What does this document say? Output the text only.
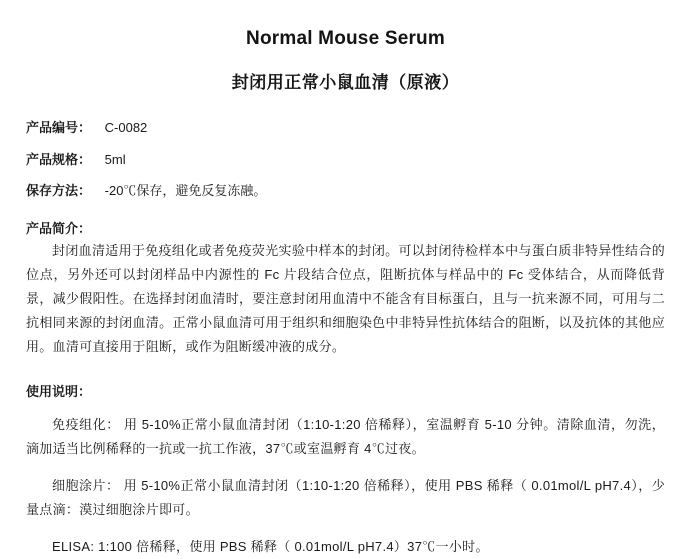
Normal Mouse Serum
封闭用正常小鼠血清（原液）
产品编号： C-0082
产品规格： 5ml
保存方法： -20℃保存，避免反复冻融。
产品简介：

封闭血清适用于免疫组化或者免疫荧光实验中样本的封闭。可以封闭待检样本中与蛋白质非特异性结合的位点，另外还可以封闭样品中内源性的 Fc 片段结合位点，阻断抗体与样品中的 Fc 受体结合，从而降低背景，减少假阳性。在选择封闭血清时，要注意封闭用血清中不能含有目标蛋白，且与一抗来源不同，可用与二抗相同来源的封闭血清。正常小鼠血清可用于组织和细胞染色中非特异性抗体结合的阻断，以及抗体的其他应用。血清可直接用于阻断，或作为阻断缓冲液的成分。

使用说明：

免疫组化： 用 5-10%正常小鼠血清封闭（1:10-1:20 倍稀释），室温孵育 5-10 分钟。清除血清，勿洗，滴加适当比例稀释的一抗或一抗工作液，37℃或室温孵育 4℃过夜。

细胞涂片： 用 5-10%正常小鼠血清封闭（1:10-1:20 倍稀释），使用 PBS 稀释（ 0.01mol/L pH7.4），少量点滴：漠过细胞涂片即可。

ELISA: 1:100 倍稀释，使用 PBS 稀释（ 0.01mol/L pH7.4）37℃一小时。
